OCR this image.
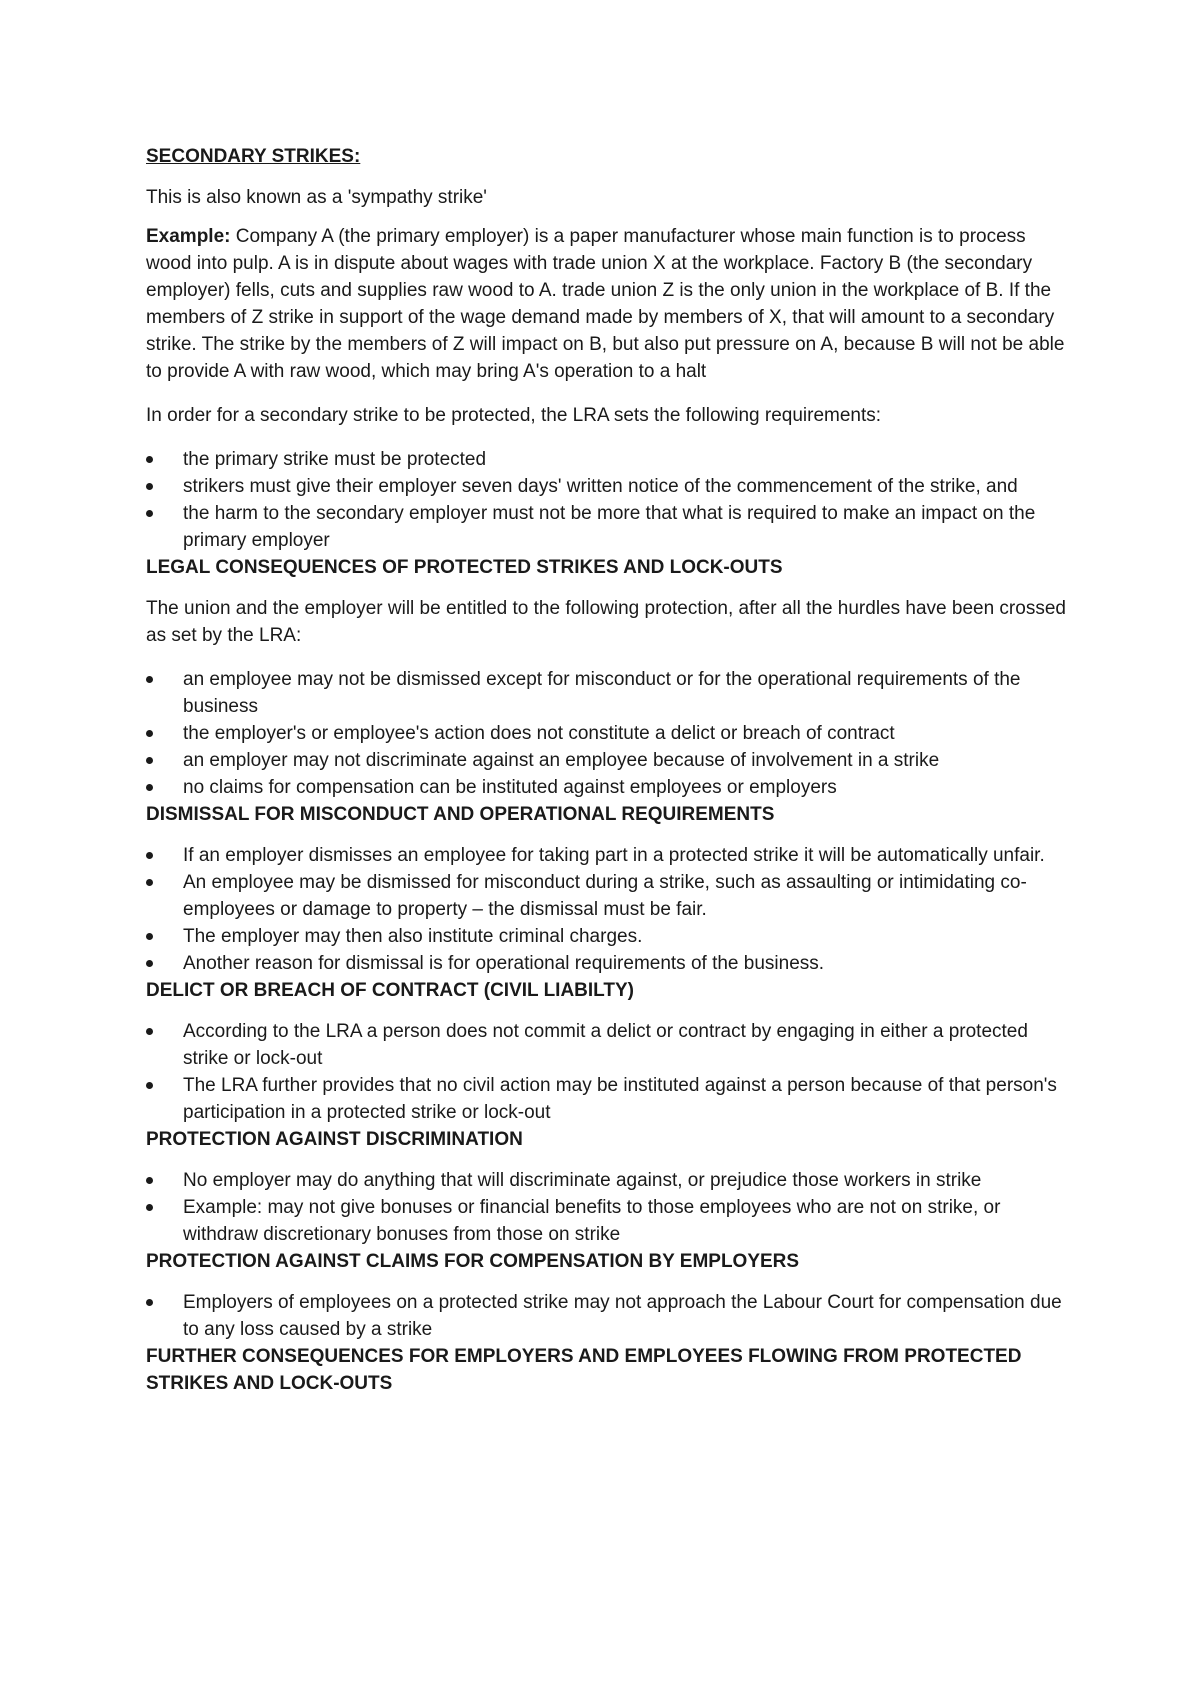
SECONDARY STRIKES:

This is also known as a 'sympathy strike'

Example: Company A (the primary employer) is a paper manufacturer whose main function is to process wood into pulp. A is in dispute about wages with trade union X at the workplace. Factory B (the secondary employer) fells, cuts and supplies raw wood to A. trade union Z is the only union in the workplace of B. If the members of Z strike in support of the wage demand made by members of X, that will amount to a secondary strike. The strike by the members of Z will impact on B, but also put pressure on A, because B will not be able to provide A with raw wood, which may bring A's operation to a halt

In order for a secondary strike to be protected, the LRA sets the following requirements:

the primary strike must be protected
strikers must give their employer seven days' written notice of the commencement of the strike, and
the harm to the secondary employer must not be more that what is required to make an impact on the primary employer
LEGAL CONSEQUENCES OF PROTECTED STRIKES AND LOCK-OUTS

The union and the employer will be entitled to the following protection, after all the hurdles have been crossed as set by the LRA:

an employee may not be dismissed except for misconduct or for the operational requirements of the business
the employer's or employee's action does not constitute a delict or breach of contract
an employer may not discriminate against an employee because of involvement in a strike
no claims for compensation can be instituted against employees or employers
DISMISSAL FOR MISCONDUCT AND OPERATIONAL REQUIREMENTS
If an employer dismisses an employee for taking part in a protected strike it will be automatically unfair.
An employee may be dismissed for misconduct during a strike, such as assaulting or intimidating co-employees or damage to property – the dismissal must be fair.
The employer may then also institute criminal charges.
Another reason for dismissal is for operational requirements of the business.
DELICT OR BREACH OF CONTRACT (CIVIL LIABILTY)
According to the LRA a person does not commit a delict or contract by engaging in either a protected strike or lock-out
The LRA further provides that no civil action may be instituted against a person because of that person's participation in a protected strike or lock-out
PROTECTION AGAINST DISCRIMINATION
No employer may do anything that will discriminate against, or prejudice those workers in strike
Example: may not give bonuses or financial benefits to those employees who are not on strike, or withdraw discretionary bonuses from those on strike
PROTECTION AGAINST CLAIMS FOR COMPENSATION BY EMPLOYERS
Employers of employees on a protected strike may not approach the Labour Court for compensation due to any loss caused by a strike
FURTHER CONSEQUENCES FOR EMPLOYERS AND EMPLOYEES FLOWING FROM PROTECTED STRIKES AND LOCK-OUTS
